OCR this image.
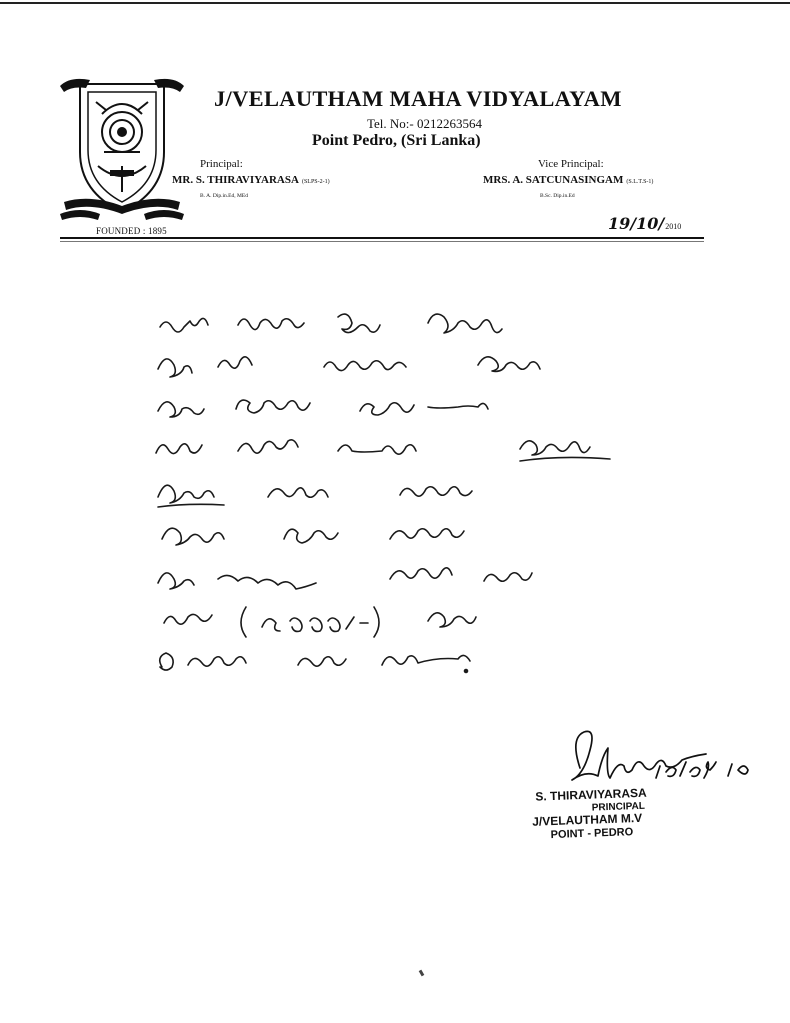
FOUNDED : 1895
J/VELAUTHAM MAHA VIDYALAYAM
Tel. No:- 0212263564
Point Pedro, (Sri Lanka)
Principal:
MR. S. THIRAVIYARASA (SLPS-2-1)
B. A. Dip.in.Ed, MEd
Vice Principal:
MRS. A. SATCUNASINGAM (S.L.T.S-1)
B.Sc. Dip.in.Ed
19/10/2010
S. THIRAVIYARASA
PRINCIPAL
J/VELAUTHAM M.V
POINT - PEDRO
